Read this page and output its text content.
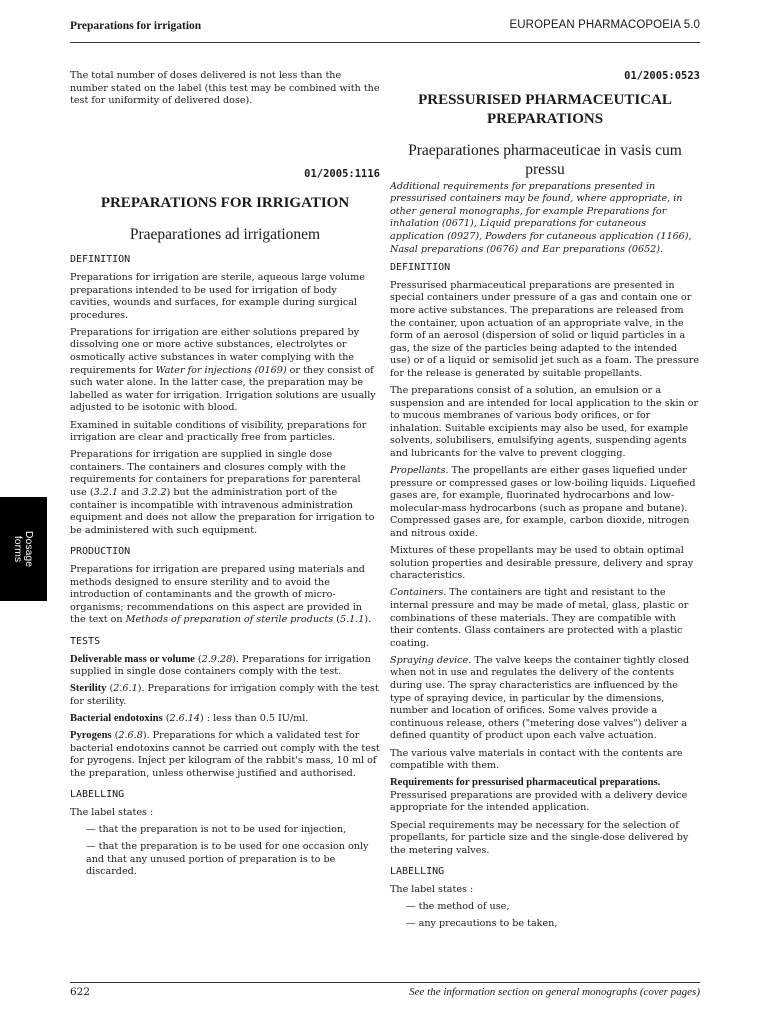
Preparations for irrigation	EUROPEAN PHARMACOPOEIA 5.0
Dosage
forms

The total number of doses delivered is not less than the number stated on the label (this test may be combined with the test for uniformity of delivered dose).

01/2005:1116
PREPARATIONS FOR IRRIGATION
Praeparationes ad irrigationem
DEFINITION

Preparations for irrigation are sterile, aqueous large volume preparations intended to be used for irrigation of body cavities, wounds and surfaces, for example during surgical procedures.

Preparations for irrigation are either solutions prepared by dissolving one or more active substances, electrolytes or osmotically active substances in water complying with the requirements for Water for injections (0169) or they consist of such water alone. In the latter case, the preparation may be labelled as water for irrigation. Irrigation solutions are usually adjusted to be isotonic with blood.

Examined in suitable conditions of visibility, preparations for irrigation are clear and practically free from particles.

Preparations for irrigation are supplied in single dose containers. The containers and closures comply with the requirements for containers for preparations for parenteral use (3.2.1 and 3.2.2) but the administration port of the container is incompatible with intravenous administration equipment and does not allow the preparation for irrigation to be administered with such equipment.

PRODUCTION

Preparations for irrigation are prepared using materials and methods designed to ensure sterility and to avoid the introduction of contaminants and the growth of micro-organisms; recommendations on this aspect are provided in the text on Methods of preparation of sterile products (5.1.1).

TESTS

Deliverable mass or volume (2.9.28). Preparations for irrigation supplied in single dose containers comply with the test.

Sterility (2.6.1). Preparations for irrigation comply with the test for sterility.

Bacterial endotoxins (2.6.14) : less than 0.5 IU/ml.

Pyrogens (2.6.8). Preparations for which a validated test for bacterial endotoxins cannot be carried out comply with the test for pyrogens. Inject per kilogram of the rabbit's mass, 10 ml of the preparation, unless otherwise justified and authorised.

LABELLING

The label states :

— that the preparation is not to be used for injection,

— that the preparation is to be used for one occasion only and that any unused portion of preparation is to be discarded.

01/2005:0523
PRESSURISED PHARMACEUTICAL PREPARATIONS
Praeparationes pharmaceuticae in vasis cum pressu

Additional requirements for preparations presented in pressurised containers may be found, where appropriate, in other general monographs, for example Preparations for inhalation (0671), Liquid preparations for cutaneous application (0927), Powders for cutaneous application (1166), Nasal preparations (0676) and Ear preparations (0652).

DEFINITION

Pressurised pharmaceutical preparations are presented in special containers under pressure of a gas and contain one or more active substances. The preparations are released from the container, upon actuation of an appropriate valve, in the form of an aerosol (dispersion of solid or liquid particles in a gas, the size of the particles being adapted to the intended use) or of a liquid or semisolid jet such as a foam. The pressure for the release is generated by suitable propellants.

The preparations consist of a solution, an emulsion or a suspension and are intended for local application to the skin or to mucous membranes of various body orifices, or for inhalation. Suitable excipients may also be used, for example solvents, solubilisers, emulsifying agents, suspending agents and lubricants for the valve to prevent clogging.

Propellants. The propellants are either gases liquefied under pressure or compressed gases or low-boiling liquids. Liquefied gases are, for example, fluorinated hydrocarbons and low-molecular-mass hydrocarbons (such as propane and butane). Compressed gases are, for example, carbon dioxide, nitrogen and nitrous oxide.

Mixtures of these propellants may be used to obtain optimal solution properties and desirable pressure, delivery and spray characteristics.

Containers. The containers are tight and resistant to the internal pressure and may be made of metal, glass, plastic or combinations of these materials. They are compatible with their contents. Glass containers are protected with a plastic coating.

Spraying device. The valve keeps the container tightly closed when not in use and regulates the delivery of the contents during use. The spray characteristics are influenced by the type of spraying device, in particular by the dimensions, number and location of orifices. Some valves provide a continuous release, others ("metering dose valves") deliver a defined quantity of product upon each valve actuation.

The various valve materials in contact with the contents are compatible with them.

Requirements for pressurised pharmaceutical preparations. Pressurised preparations are provided with a delivery device appropriate for the intended application.

Special requirements may be necessary for the selection of propellants, for particle size and the single-dose delivered by the metering valves.

LABELLING

The label states :

— the method of use,

— any precautions to be taken,

622	See the information section on general monographs (cover pages)
